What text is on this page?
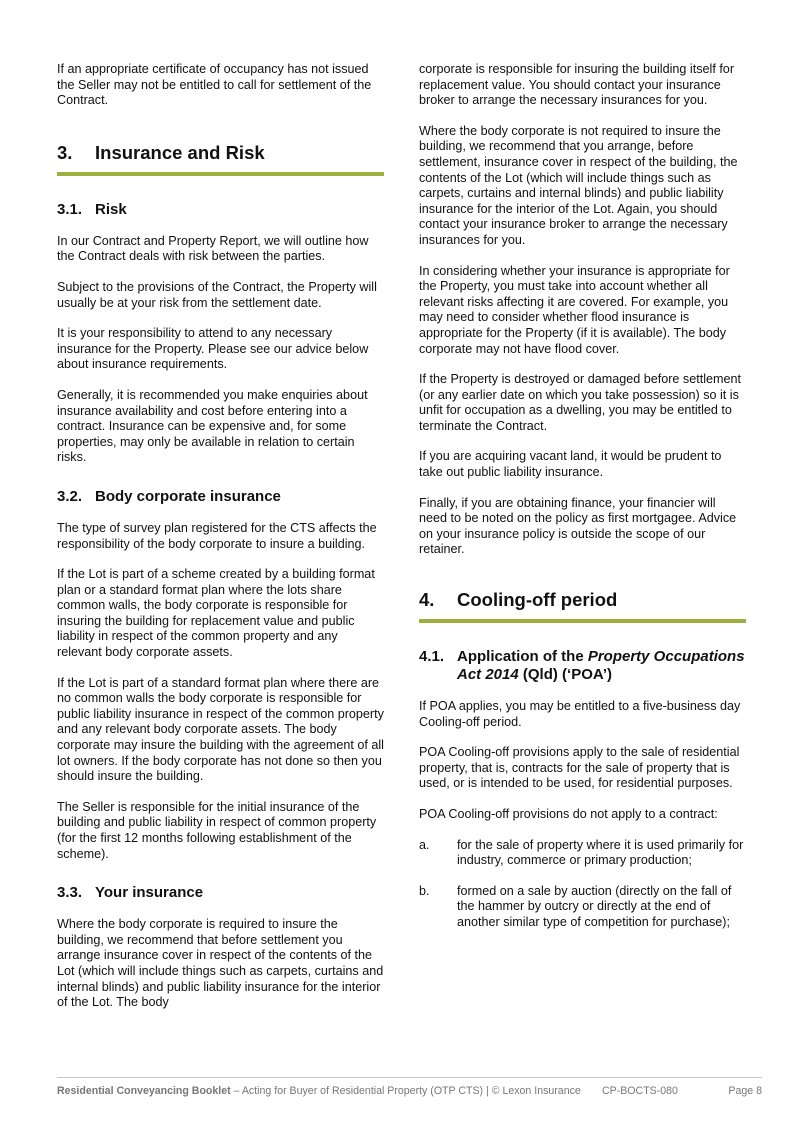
If an appropriate certificate of occupancy has not issued the Seller may not be entitled to call for settlement of the Contract.

3.	Insurance and Risk
3.1. Risk

In our Contract and Property Report, we will outline how the Contract deals with risk between the parties.

Subject to the provisions of the Contract, the Property will usually be at your risk from the settlement date.

It is your responsibility to attend to any necessary insurance for the Property. Please see our advice below about insurance requirements.

Generally, it is recommended you make enquiries about insurance availability and cost before entering into a contract. Insurance can be expensive and, for some properties, may only be available in relation to certain risks.

3.2. Body corporate insurance

The type of survey plan registered for the CTS affects the responsibility of the body corporate to insure a building.

If the Lot is part of a scheme created by a building format plan or a standard format plan where the lots share common walls, the body corporate is responsible for insuring the building for replacement value and public liability in respect of the common property and any relevant body corporate assets.

If the Lot is part of a standard format plan where there are no common walls the body corporate is responsible for public liability insurance in respect of the common property and any relevant body corporate assets. The body corporate may insure the building with the agreement of all lot owners. If the body corporate has not done so then you should insure the building.

The Seller is responsible for the initial insurance of the building and public liability in respect of common property (for the first 12 months following establishment of the scheme).

3.3. Your insurance

Where the body corporate is required to insure the building, we recommend that before settlement you arrange insurance cover in respect of the contents of the Lot (which will include things such as carpets, curtains and internal blinds) and public liability insurance for the interior of the Lot. The body

corporate is responsible for insuring the building itself for replacement value. You should contact your insurance broker to arrange the necessary insurances for you.

Where the body corporate is not required to insure the building, we recommend that you arrange, before settlement, insurance cover in respect of the building, the contents of the Lot (which will include things such as carpets, curtains and internal blinds) and public liability insurance for the interior of the Lot. Again, you should contact your insurance broker to arrange the necessary insurances for you.

In considering whether your insurance is appropriate for the Property, you must take into account whether all relevant risks affecting it are covered. For example, you may need to consider whether flood insurance is appropriate for the Property (if it is available). The body corporate may not have flood cover.

If the Property is destroyed or damaged before settlement (or any earlier date on which you take possession) so it is unfit for occupation as a dwelling, you may be entitled to terminate the Contract.

If you are acquiring vacant land, it would be prudent to take out public liability insurance.

Finally, if you are obtaining finance, your financier will need to be noted on the policy as first mortgagee. Advice on your insurance policy is outside the scope of our retainer.

4.	Cooling-off period
4.1. Application of the Property Occupations Act 2014 (Qld) (‘POA’)

If POA applies, you may be entitled to a five-business day Cooling-off period.

POA Cooling-off provisions apply to the sale of residential property, that is, contracts for the sale of property that is used, or is intended to be used, for residential purposes.

POA Cooling-off provisions do not apply to a contract:

a.	for the sale of property where it is used primarily for industry, commerce or primary production;
b.	formed on a sale by auction (directly on the fall of the hammer by outcry or directly at the end of another similar type of competition for purchase);
Residential Conveyancing Booklet – Acting for Buyer of Residential Property (OTP CTS) | © Lexon Insurance	CP-BOCTS-080	Page 8
